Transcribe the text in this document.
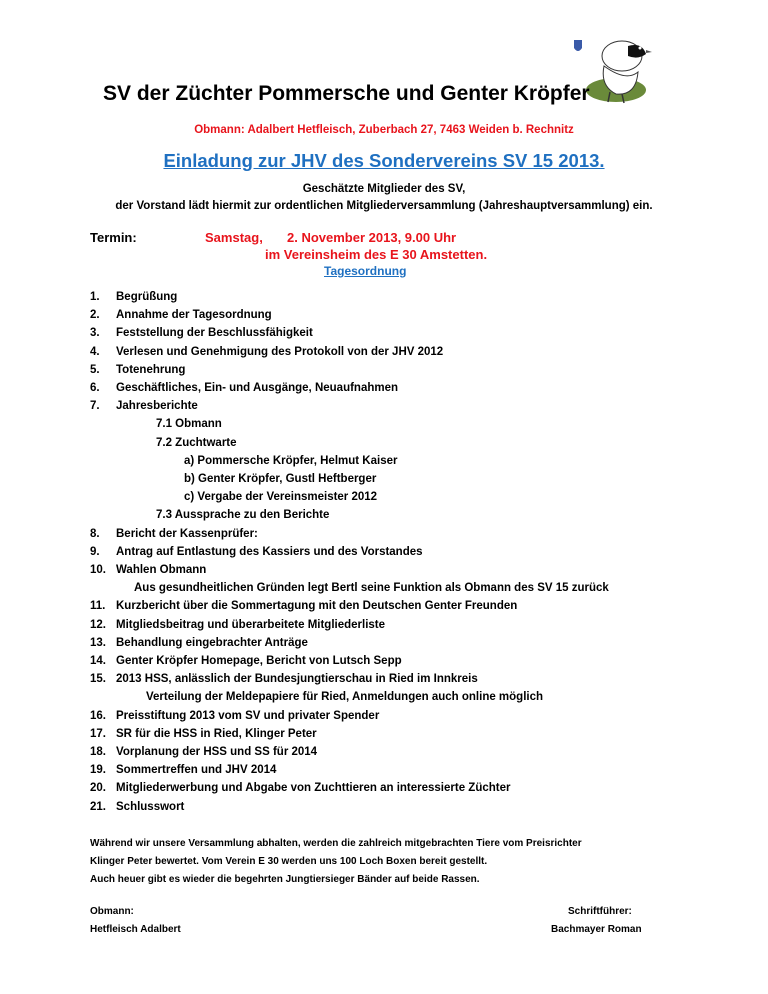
SV der Züchter Pommersche und Genter Kröpfer
Obmann: Adalbert Hetfleisch, Zuberbach 27, 7463 Weiden b. Rechnitz
Einladung zur JHV des Sondervereins SV 15 2013.
Geschätzte Mitglieder des SV,
der Vorstand lädt hiermit zur ordentlichen Mitgliederversammlung (Jahreshauptversammlung) ein.
Termin:	Samstag, 2. November 2013, 9.00 Uhr
im Vereinsheim des E 30 Amstetten.
Tagesordnung
1. Begrüßung
2. Annahme der Tagesordnung
3. Feststellung der Beschlussfähigkeit
4. Verlesen und Genehmigung des Protokoll von der JHV 2012
5. Totenehrung
6. Geschäftliches, Ein- und Ausgänge, Neuaufnahmen
7. Jahresberichte
7.1 Obmann
7.2 Zuchtwarte
a) Pommersche Kröpfer, Helmut Kaiser
b) Genter Kröpfer, Gustl Heftberger
c) Vergabe der Vereinsmeister 2012
7.3 Aussprache zu den Berichte
8. Bericht der Kassenprüfer:
9. Antrag auf Entlastung des Kassiers und des Vorstandes
10. Wahlen Obmann
Aus gesundheitlichen Gründen legt Bertl seine Funktion als Obmann des SV 15 zurück
11. Kurzbericht über die Sommertagung mit den Deutschen Genter Freunden
12. Mitgliedsbeitrag und überarbeitete Mitgliederliste
13. Behandlung eingebrachter Anträge
14. Genter Kröpfer Homepage, Bericht von Lutsch Sepp
15. 2013 HSS, anlässlich der Bundesjungtierschau in Ried im Innkreis
Verteilung der Meldepapiere für Ried, Anmeldungen auch online möglich
16. Preisstiftung 2013 vom SV und privater Spender
17. SR für die HSS in Ried, Klinger Peter
18. Vorplanung der HSS und SS für 2014
19. Sommertreffen und JHV 2014
20. Mitgliederwerbung und Abgabe von Zuchttieren an interessierte Züchter
21. Schlusswort
Während wir unsere Versammlung abhalten, werden die zahlreich mitgebrachten Tiere vom Preisrichter
Klinger Peter bewertet. Vom Verein E 30 werden uns 100 Loch Boxen bereit gestellt.
Auch heuer gibt es wieder die begehrten Jungtiersieger Bänder auf beide Rassen.
Obmann:
Hetfleisch Adalbert
Schriftführer:
Bachmayer Roman
